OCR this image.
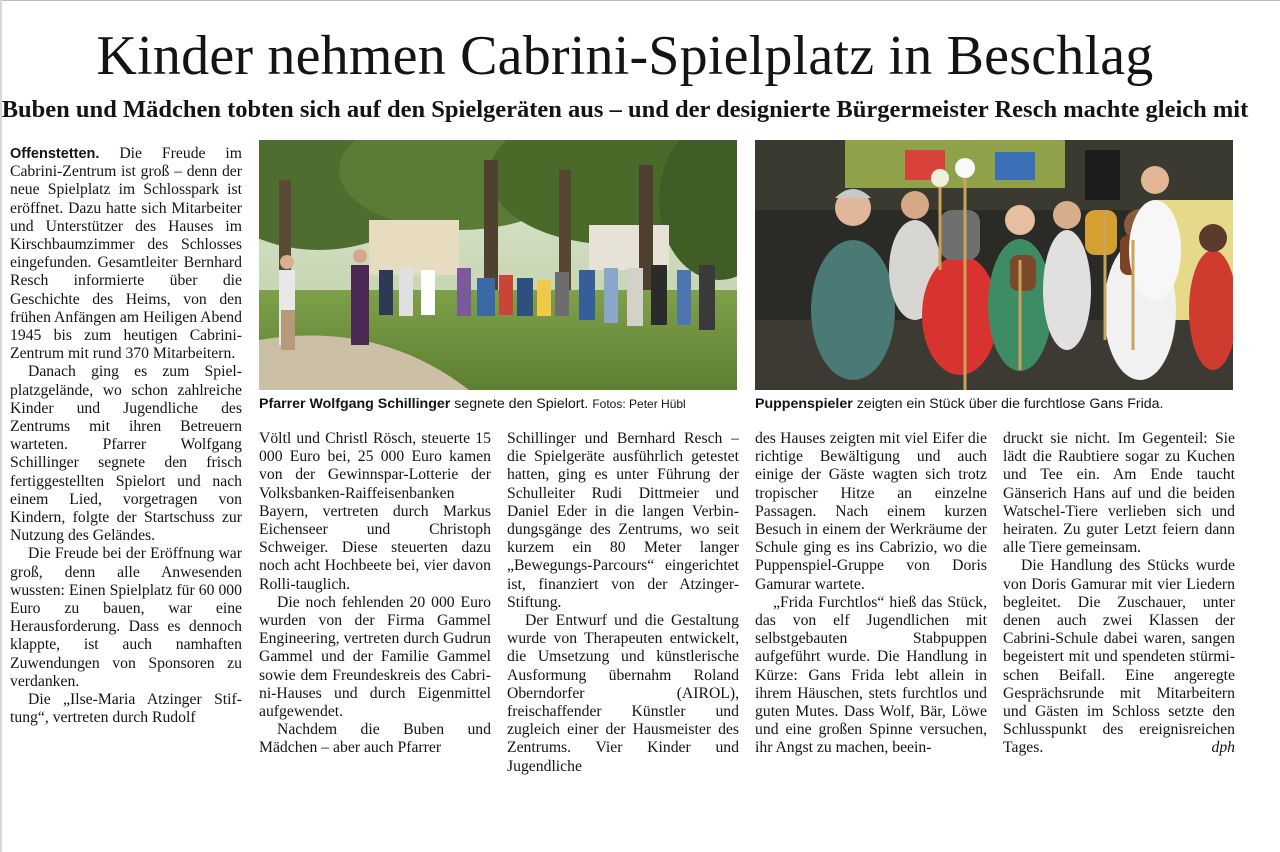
Kinder nehmen Cabrini-Spielplatz in Beschlag
Buben und Mädchen tobten sich auf den Spielgeräten aus – und der designierte Bürgermeister Resch machte gleich mit

Offenstetten. Die Freude im Cabrini-Zentrum ist groß – denn der neue Spielplatz im Schlosspark ist eröffnet. Dazu hatte sich Mitarbeiter und Unterstützer des Hauses im Kirschbaumzimmer des Schlosses eingefunden. Gesamtleiter Bernhard Resch informierte über die Geschichte des Heims, von den frühen Anfängen am Heiligen Abend 1945 bis zum heutigen Cabrini-Zentrum mit rund 370 Mitarbeitern.

Danach ging es zum Spielplatzgelände, wo schon zahlreiche Kinder und Jugendliche des Zentrums mit ihren Betreuern warteten. Pfarrer Wolfgang Schillinger segnete den frisch fertiggestellten Spielort und nach einem Lied, vorgetragen von Kindern, folgte der Startschuss zur Nutzung des Geländes.

Die Freude bei der Eröffnung war groß, denn alle Anwesenden wussten: Einen Spielplatz für 60 000 Euro zu bauen, war eine Herausforderung. Dass es dennoch klappte, ist auch namhaften Zuwendungen von Sponsoren zu verdanken.

Die „Ilse-Maria Atzinger Stiftung“, vertreten durch Rudolf

Pfarrer Wolfgang Schillinger segnete den Spielort. Fotos: Peter Hübl	Puppenspieler zeigten ein Stück über die furchtlose Gans Frida.

Völtl und Christl Rösch, steuerte 15 000 Euro bei, 25 000 Euro kamen von der Gewinnspar-Lotterie der Volksbanken-Raiffeisenbanken Bayern, vertreten durch Markus Eichenseer und Christoph Schweiger. Diese steuerten dazu noch acht Hochbeete bei, vier davon Rolli-tauglich.

Die noch fehlenden 20 000 Euro wurden von der Firma Gammel Engineering, vertreten durch Gudrun Gammel und der Familie Gammel sowie dem Freundeskreis des Cabrini-Hauses und durch Eigenmittel aufgewendet.

Nachdem die Buben und Mädchen – aber auch Pfarrer

Schillinger und Bernhard Resch – die Spielgeräte ausführlich getestet hatten, ging es unter Führung der Schulleiter Rudi Dittmeier und Daniel Eder in die langen Verbindungsgänge des Zentrums, wo seit kurzem ein 80 Meter langer „Bewegungs-Parcours“ eingerichtet ist, finanziert von der Atzinger-Stiftung.

Der Entwurf und die Gestaltung wurde von Therapeuten entwickelt, die Umsetzung und künstlerische Ausformung übernahm Roland Oberndorfer (AIROL), freischaffender Künstler und zugleich einer der Hausmeister des Zentrums. Vier Kinder und Jugendliche

des Hauses zeigten mit viel Eifer die richtige Bewältigung und auch einige der Gäste wagten sich trotz tropischer Hitze an einzelne Passagen. Nach einem kurzen Besuch in einem der Werkräume der Schule ging es ins Cabrizio, wo die Puppenspiel-Gruppe von Doris Gamurar wartete.

„Frida Furchtlos“ hieß das Stück, das von elf Jugendlichen mit selbstgebauten Stabpuppen aufgeführt wurde. Die Handlung in Kürze: Gans Frida lebt allein in ihrem Häuschen, stets furchtlos und guten Mutes. Dass Wolf, Bär, Löwe und eine großen Spinne versuchen, ihr Angst zu machen, beein-

druckt sie nicht. Im Gegenteil: Sie lädt die Raubtiere sogar zu Kuchen und Tee ein. Am Ende taucht Gänserich Hans auf und die beiden Watschel-Tiere verlieben sich und heiraten. Zu guter Letzt feiern dann alle Tiere gemeinsam.

Die Handlung des Stücks wurde von Doris Gamurar mit vier Liedern begleitet. Die Zuschauer, unter denen auch zwei Klassen der Cabrini-Schule dabei waren, sangen begeistert mit und spendeten stürmischen Beifall. Eine angeregte Gesprächsrunde mit Mitarbeitern und Gästen im Schloss setzte den Schlusspunkt des ereignisreichen Tages.	dph
